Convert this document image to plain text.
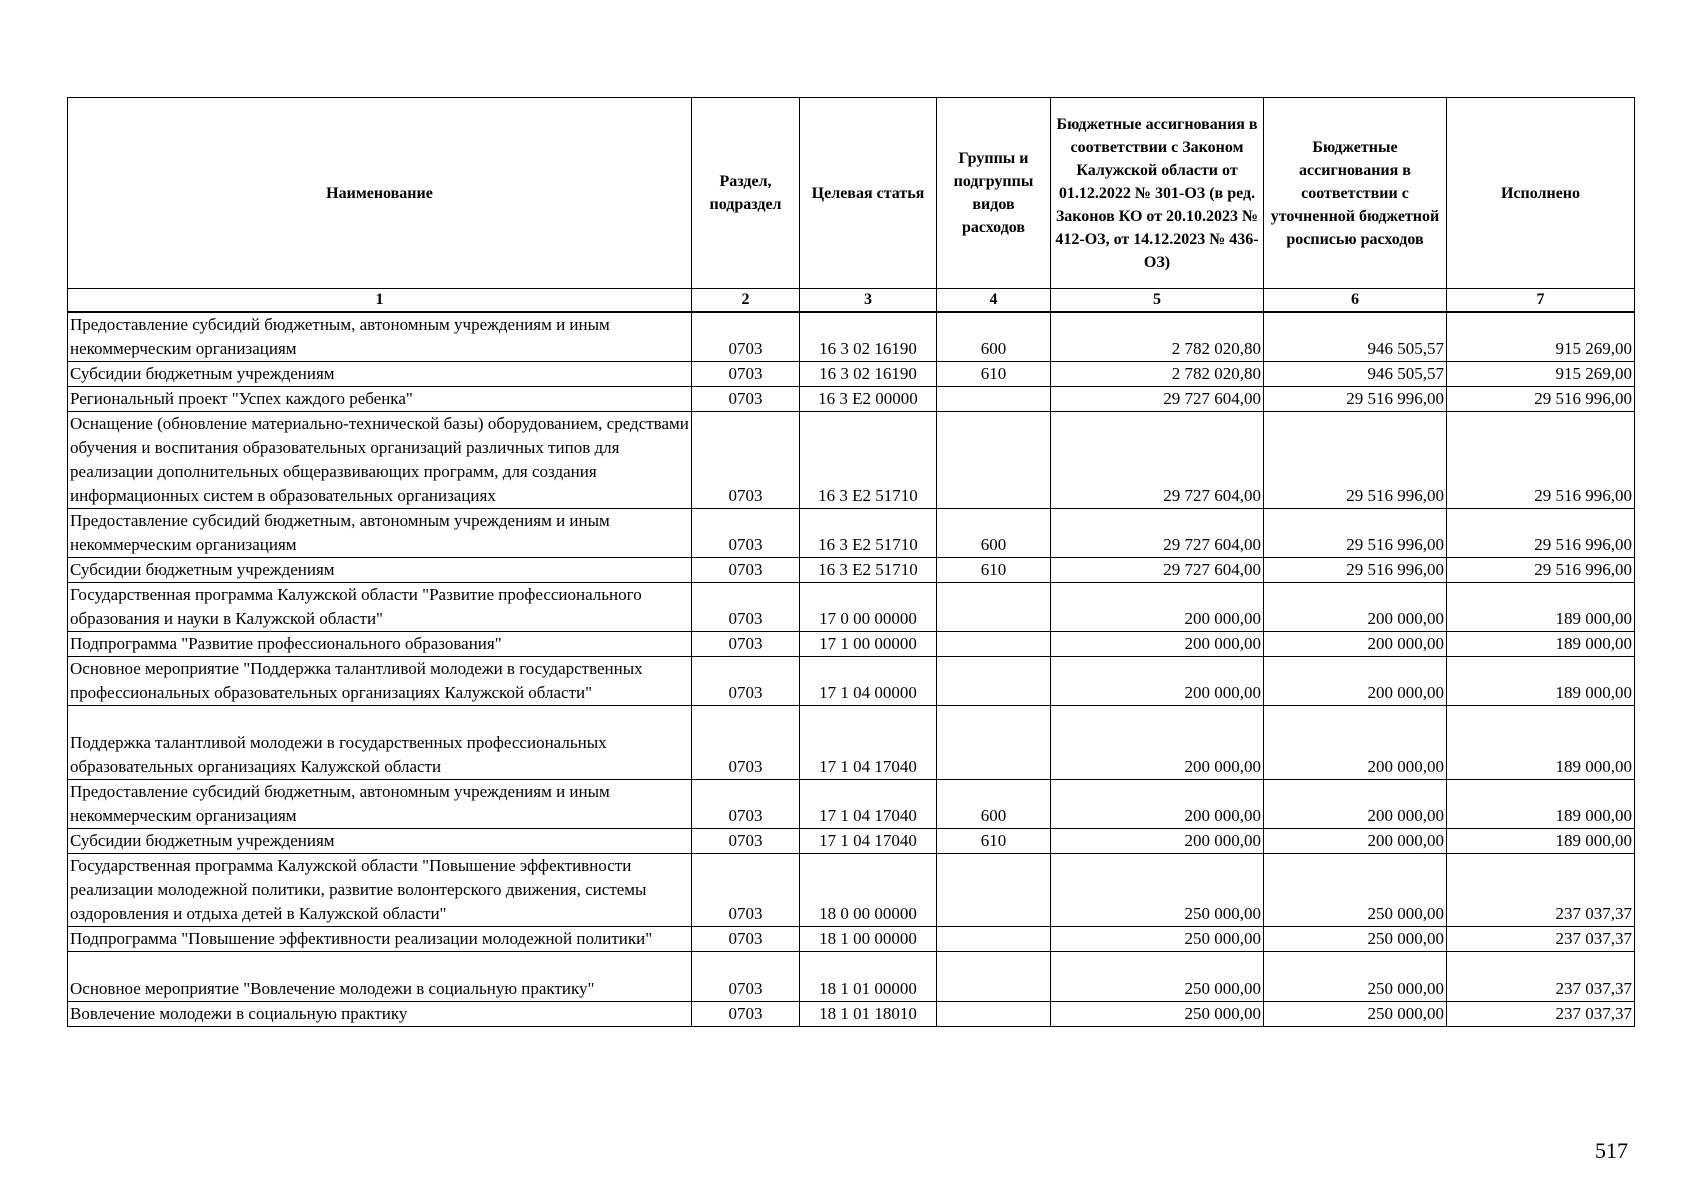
Наименование	Раздел, подраздел	Целевая статья	Группы и подгруппы видов расходов	Бюджетные ассигнования в соответствии с Законом Калужской области от 01.12.2022 № 301-ОЗ (в ред. Законов КО от 20.10.2023 № 412-ОЗ, от 14.12.2023 № 436-ОЗ)	Бюджетные ассигнования в соответствии с уточненной бюджетной росписью расходов	Исполнено
1	2	3	4	5	6	7
Предоставление субсидий бюджетным, автономным учреждениям и иным некоммерческим организациям	0703	16 3 02 16190	600	2 782 020,80	946 505,57	915 269,00
Субсидии бюджетным учреждениям	0703	16 3 02 16190	610	2 782 020,80	946 505,57	915 269,00
Региональный проект "Успех каждого ребенка"	0703	16 3 E2 00000		29 727 604,00	29 516 996,00	29 516 996,00
Оснащение (обновление материально-технической базы) оборудованием, средствами обучения и воспитания образовательных организаций различных типов для реализации дополнительных общеразвивающих программ, для создания информационных систем в образовательных организациях	0703	16 3 E2 51710		29 727 604,00	29 516 996,00	29 516 996,00
Предоставление субсидий бюджетным, автономным учреждениям и иным некоммерческим организациям	0703	16 3 E2 51710	600	29 727 604,00	29 516 996,00	29 516 996,00
Субсидии бюджетным учреждениям	0703	16 3 E2 51710	610	29 727 604,00	29 516 996,00	29 516 996,00
Государственная программа Калужской области "Развитие профессионального образования и науки в Калужской области"	0703	17 0 00 00000		200 000,00	200 000,00	189 000,00
Подпрограмма "Развитие профессионального образования"	0703	17 1 00 00000		200 000,00	200 000,00	189 000,00
Основное мероприятие "Поддержка талантливой молодежи в государственных профессиональных образовательных организациях Калужской области"	0703	17 1 04 00000		200 000,00	200 000,00	189 000,00
Поддержка талантливой молодежи в государственных профессиональных образовательных организациях Калужской области	0703	17 1 04 17040		200 000,00	200 000,00	189 000,00
Предоставление субсидий бюджетным, автономным учреждениям и иным некоммерческим организациям	0703	17 1 04 17040	600	200 000,00	200 000,00	189 000,00
Субсидии бюджетным учреждениям	0703	17 1 04 17040	610	200 000,00	200 000,00	189 000,00
Государственная программа Калужской области "Повышение эффективности реализации молодежной политики, развитие волонтерского движения, системы оздоровления и отдыха детей в Калужской области"	0703	18 0 00 00000		250 000,00	250 000,00	237 037,37
Подпрограмма "Повышение эффективности реализации молодежной политики"	0703	18 1 00 00000		250 000,00	250 000,00	237 037,37
Основное мероприятие "Вовлечение молодежи в социальную практику"	0703	18 1 01 00000		250 000,00	250 000,00	237 037,37
Вовлечение молодежи в социальную практику	0703	18 1 01 18010		250 000,00	250 000,00	237 037,37
517
